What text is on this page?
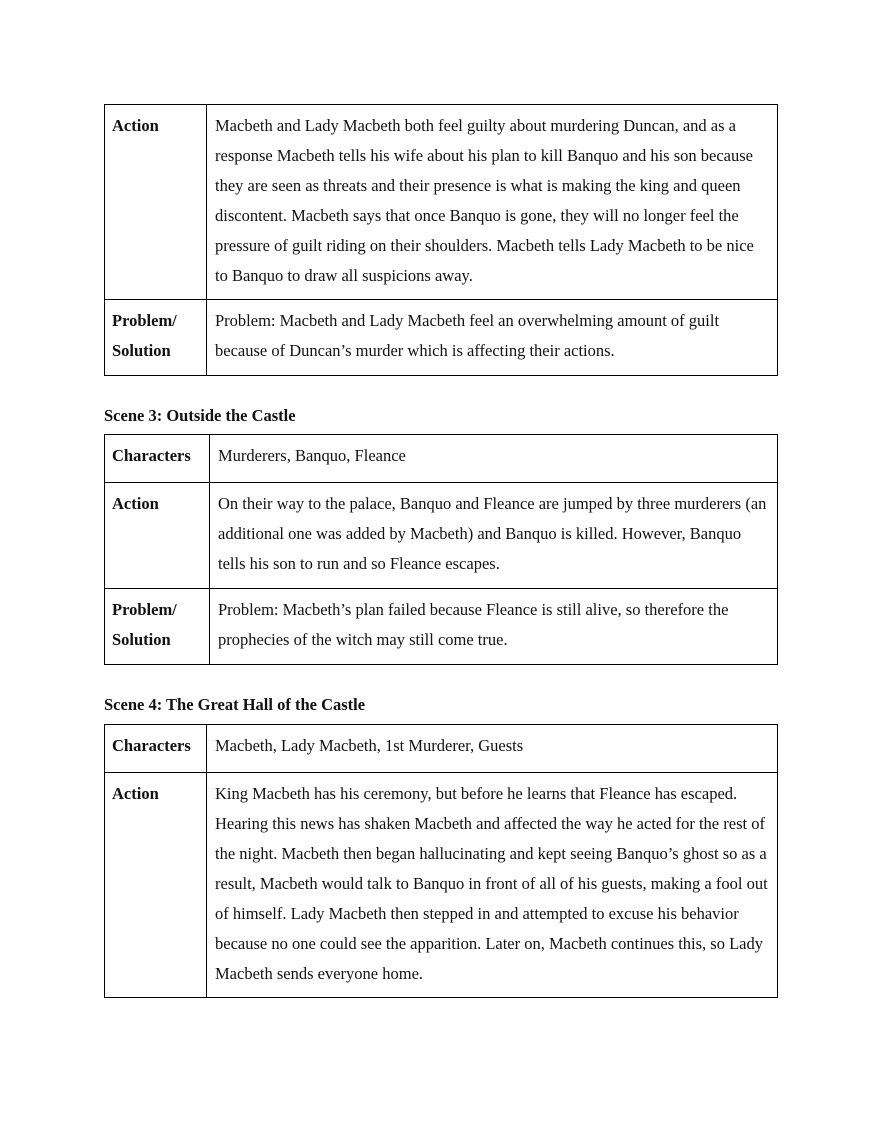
Action	Macbeth and Lady Macbeth both feel guilty about murdering Duncan, and as a response Macbeth tells his wife about his plan to kill Banquo and his son because they are seen as threats and their presence is what is making the king and queen discontent. Macbeth says that once Banquo is gone, they will no longer feel the pressure of guilt riding on their shoulders. Macbeth tells Lady Macbeth to be nice to Banquo to draw all suspicions away.
Problem/
Solution	Problem: Macbeth and Lady Macbeth feel an overwhelming amount of guilt because of Duncan’s murder which is affecting their actions.
Scene 3: Outside the Castle
Characters	Murderers, Banquo, Fleance
Action	On their way to the palace, Banquo and Fleance are jumped by three murderers (an additional one was added by Macbeth) and Banquo is killed. However, Banquo tells his son to run and so Fleance escapes.
Problem/
Solution	Problem: Macbeth’s plan failed because Fleance is still alive, so therefore the prophecies of the witch may still come true.
Scene 4: The Great Hall of the Castle
Characters	Macbeth, Lady Macbeth, 1st Murderer, Guests
Action	King Macbeth has his ceremony, but before he learns that Fleance has escaped. Hearing this news has shaken Macbeth and affected the way he acted for the rest of the night. Macbeth then began hallucinating and kept seeing Banquo’s ghost so as a result, Macbeth would talk to Banquo in front of all of his guests, making a fool out of himself. Lady Macbeth then stepped in and attempted to excuse his behavior because no one could see the apparition. Later on, Macbeth continues this, so Lady Macbeth sends everyone home.
